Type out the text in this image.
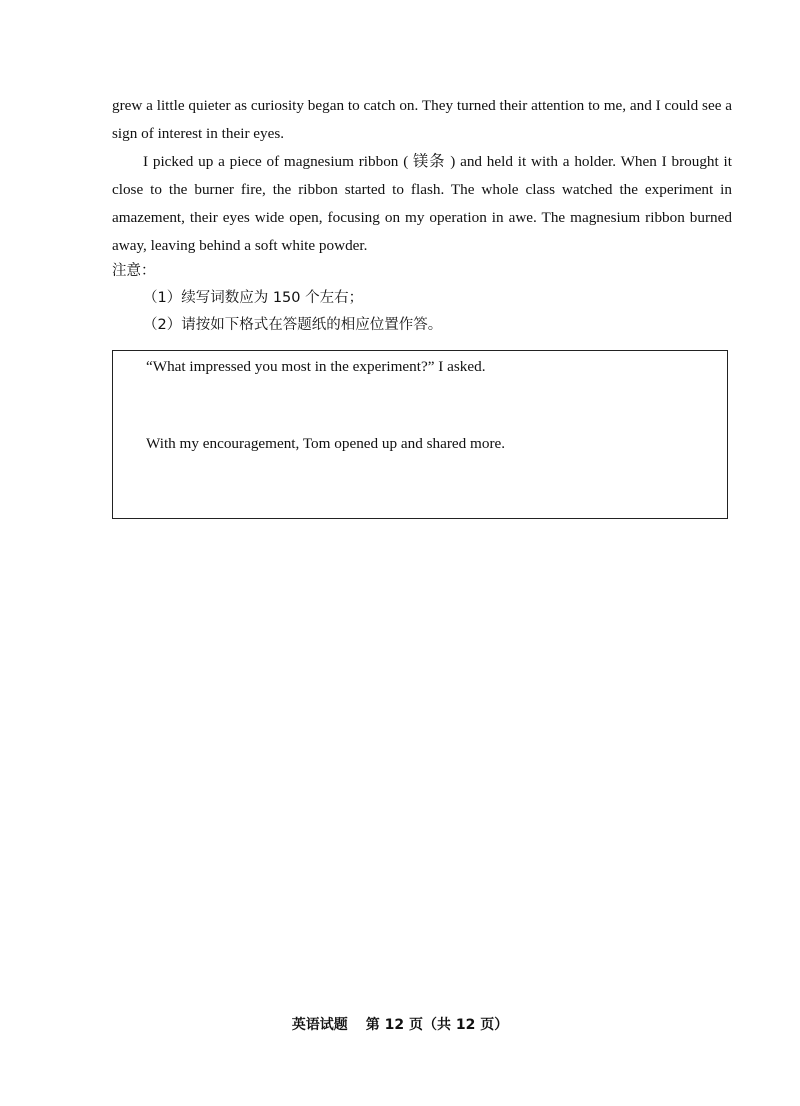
grew a little quieter as curiosity began to catch on. They turned their attention to me, and I could see a sign of interest in their eyes.

I picked up a piece of magnesium ribbon ( 镁条 ) and held it with a holder. When I brought it close to the burner fire, the ribbon started to flash. The whole class watched the experiment in amazement, their eyes wide open, focusing on my operation in awe. The magnesium ribbon burned away, leaving behind a soft white powder.

注意：
（1）续写词数应为 150 个左右；
（2）请按如下格式在答题纸的相应位置作答。
“What impressed you most in the experiment?” I asked.
With my encouragement, Tom opened up and shared more.
英语试题 第 12 页（共 12 页）
